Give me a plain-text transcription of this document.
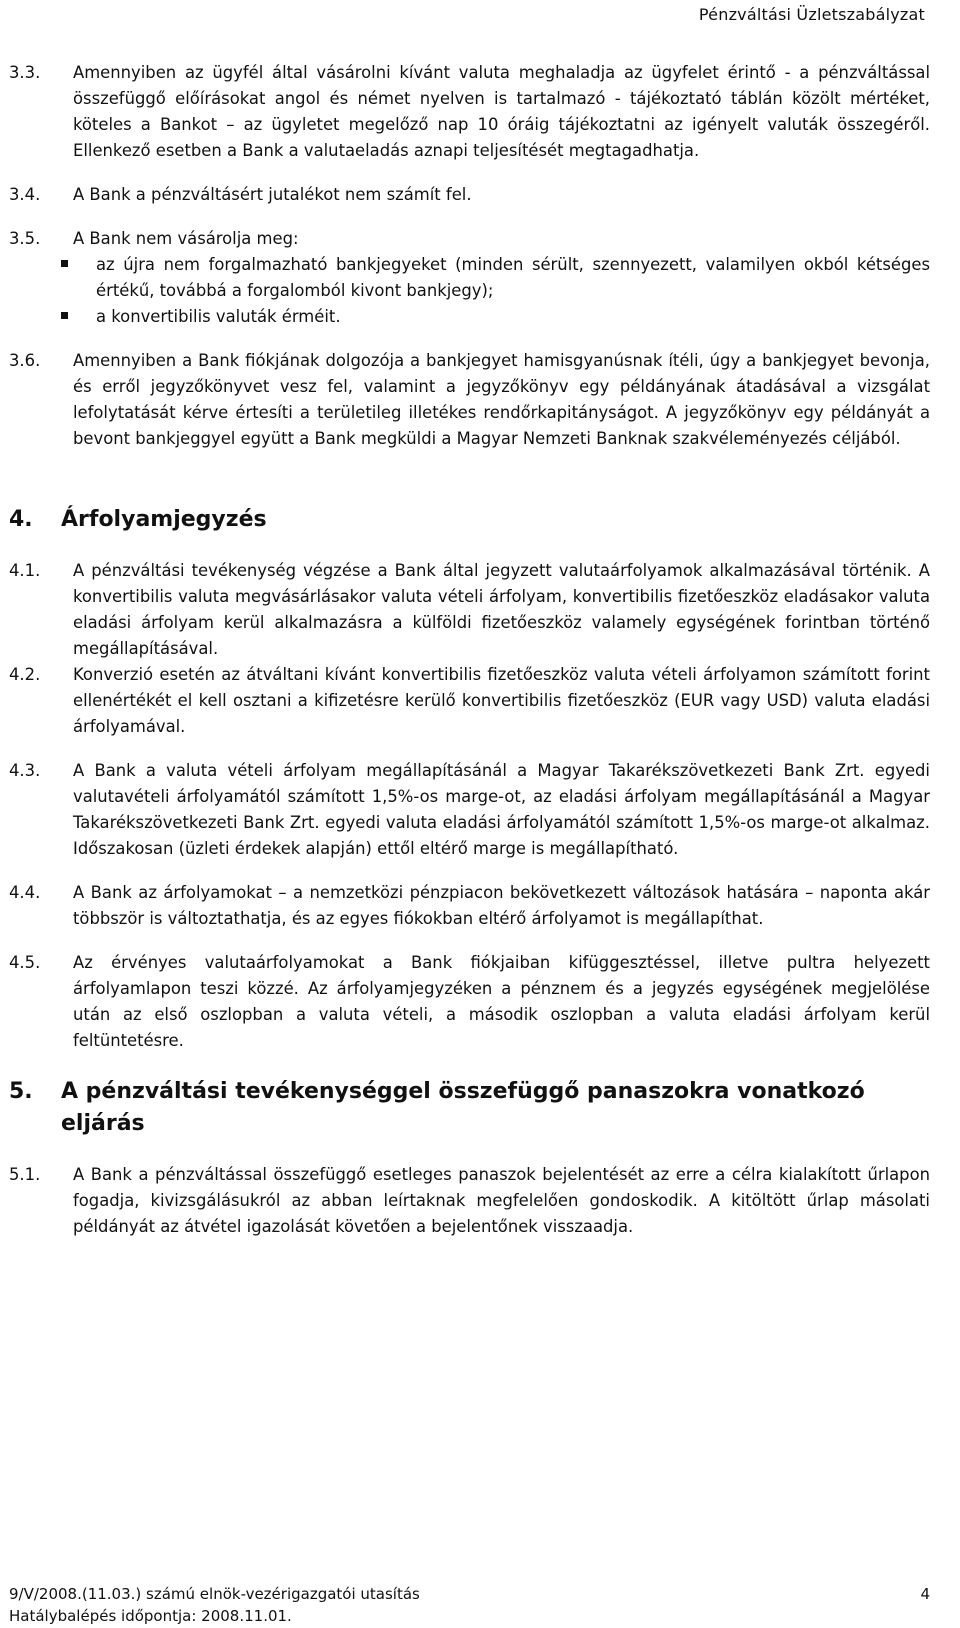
Pénzváltási Üzletszabályzat
3.3. Amennyiben az ügyfél által vásárolni kívánt valuta meghaladja az ügyfelet érintő - a pénzváltással összefüggő előírásokat angol és német nyelven is tartalmazó - tájékoztató táblán közölt mértéket, köteles a Bankot – az ügyletet megelőző nap 10 óráig tájékoztatni az igényelt valuták összegéről. Ellenkező esetben a Bank a valutaeladás aznapi teljesítését megtagadhatja.
3.4. A Bank a pénzváltásért jutalékot nem számít fel.
3.5. A Bank nem vásárolja meg:
az újra nem forgalmazható bankjegyeket (minden sérült, szennyezett, valamilyen okból kétséges értékű, továbbá a forgalomból kivont bankjegy);
a konvertibilis valuták érméit.
3.6. Amennyiben a Bank fiókjának dolgozója a bankjegyet hamisgyanúsnak ítéli, úgy a bankjegyet bevonja, és erről jegyzőkönyvet vesz fel, valamint a jegyzőkönyv egy példányának átadásával a vizsgálat lefolytatását kérve értesíti a területileg illetékes rendőrkapitányságot. A jegyzőkönyv egy példányát a bevont bankjeggyel együtt a Bank megküldi a Magyar Nemzeti Banknak szakvéleményezés céljából.
4. Árfolyamjegyzés
4.1. A pénzváltási tevékenység végzése a Bank által jegyzett valutaárfolyamok alkalmazásával történik. A konvertibilis valuta megvásárlásakor valuta vételi árfolyam, konvertibilis fizetőeszköz eladásakor valuta eladási árfolyam kerül alkalmazásra a külföldi fizetőeszköz valamely egységének forintban történő megállapításával.
4.2. Konverzió esetén az átváltani kívánt konvertibilis fizetőeszköz valuta vételi árfolyamon számított forint ellenértékét el kell osztani a kifizetésre kerülő konvertibilis fizetőeszköz (EUR vagy USD) valuta eladási árfolyamával.
4.3. A Bank a valuta vételi árfolyam megállapításánál a Magyar Takarékszövetkezeti Bank Zrt. egyedi valutavételi árfolyamától számított 1,5%-os marge-ot, az eladási árfolyam megállapításánál a Magyar Takarékszövetkezeti Bank Zrt. egyedi valuta eladási árfolyamától számított 1,5%-os marge-ot alkalmaz. Időszakosan (üzleti érdekek alapján) ettől eltérő marge is megállapítható.
4.4. A Bank az árfolyamokat – a nemzetközi pénzpiacon bekövetkezett változások hatására – naponta akár többször is változtathatja, és az egyes fiókokban eltérő árfolyamot is megállapíthat.
4.5. Az érvényes valutaárfolyamokat a Bank fiókjaiban kifüggesztéssel, illetve pultra helyezett árfolyamlapon teszi közzé. Az árfolyamjegyzéken a pénznem és a jegyzés egységének megjelölése után az első oszlopban a valuta vételi, a második oszlopban a valuta eladási árfolyam kerül feltüntetésre.
5. A pénzváltási tevékenységgel összefüggő panaszokra vonatkozó eljárás
5.1. A Bank a pénzváltással összefüggő esetleges panaszok bejelentését az erre a célra kialakított űrlapon fogadja, kivizsgálásukról az abban leírtaknak megfelelően gondoskodik. A kitöltött űrlap másolati példányát az átvétel igazolását követően a bejelentőnek visszaadja.
9/V/2008.(11.03.) számú elnök-vezérigazgatói utasítás
Hatálybalépés időpontja: 2008.11.01.
4
